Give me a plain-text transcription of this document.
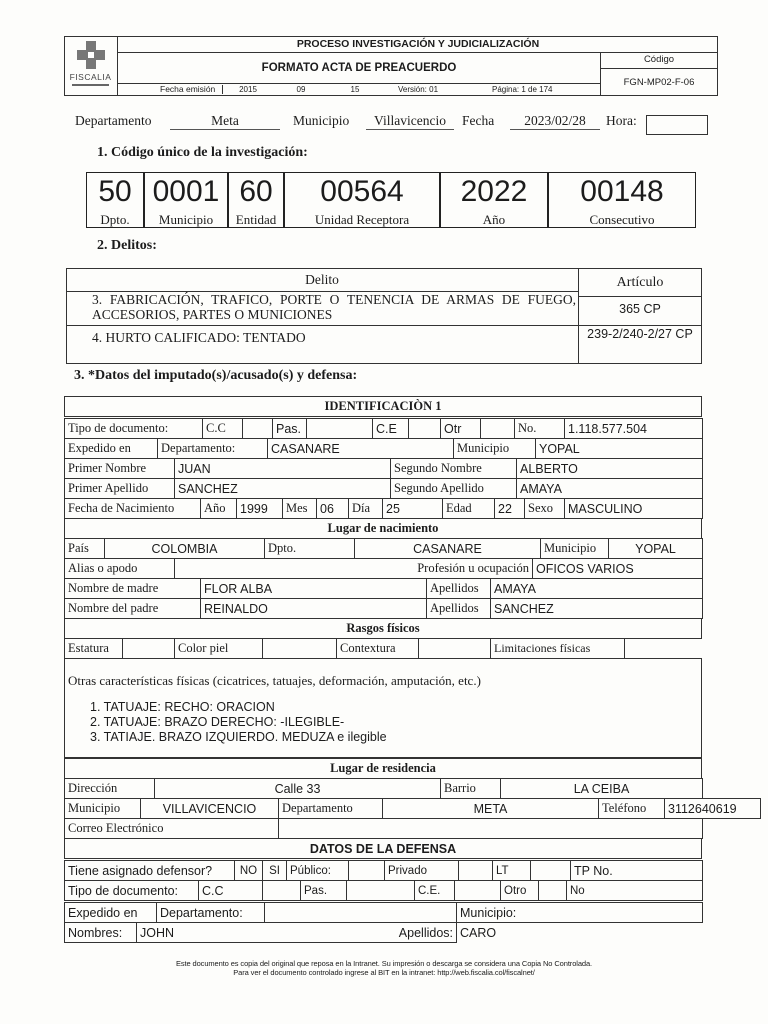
FISCALIA
PROCESO INVESTIGACIÓN Y JUDICIALIZACIÓN
FORMATO ACTA DE PREACUERDO
Código
FGN-MP02-F-06
Fecha emisión	2015	09	15	Versión: 01	Página: 1 de 174
Departamento	Meta	Municipio	Villavicencio	Fecha	2023/02/28	Hora:
1. Código único de la investigación:
50
Dpto.
0001
Municipio
60
Entidad
00564
Unidad Receptora
2022
Año
00148
Consecutivo
2. Delitos:
Delito	Artículo
3. FABRICACIÓN, TRAFICO, PORTE O TENENCIA DE ARMAS DE FUEGO, ACCESORIOS, PARTES O MUNICIONES	365 CP
4. HURTO CALIFICADO: TENTADO	239-2/240-2/27 CP
3. *Datos del imputado(s)/acusado(s) y defensa:
IDENTIFICACIÒN 1
Tipo de documento:	C.C		Pas.		C.E		Otr		No.	1.118.577.504
Expedido en	Departamento:	CASANARE	Municipio	YOPAL
Primer Nombre	JUAN	Segundo Nombre	ALBERTO
Primer Apellido	SANCHEZ	Segundo Apellido	AMAYA
Fecha de Nacimiento	Año	1999	Mes	06	Día	25	Edad	22	Sexo	MASCULINO
Lugar de nacimiento
País	COLOMBIA	Dpto.	CASANARE	Municipio	YOPAL
Alias o apodo		Profesión u ocupación	OFICOS VARIOS
Nombre de madre	FLOR ALBA	Apellidos	AMAYA
Nombre del padre	REINALDO	Apellidos	SANCHEZ
Rasgos físicos
Estatura		Color piel		Contextura		Limitaciones físicas	
Otras características físicas (cicatrices, tatuajes, deformación, amputación, etc.)
1. TATUAJE: RECHO: ORACION
2. TATUAJE: BRAZO DERECHO: -ILEGIBLE-
3. TATIAJE. BRAZO IZQUIERDO. MEDUZA e ilegible
Lugar de residencia
Dirección	Calle 33	Barrio	LA CEIBA
Municipio	VILLAVICENCIO	Departamento	META	Teléfono	3112640619
Correo Electrónico	
DATOS DE LA DEFENSA
Tiene asignado defensor?	NO	SI	Público:		Privado		LT		TP No.
Tipo de documento:	C.C		Pas.		C.E.		Otro		No
Expedido en	Departamento:		Municipio:	
Nombres:	JOHN	Apellidos:	CARO
Este documento es copia del original que reposa en la Intranet. Su impresión o descarga se considera una Copia No Controlada.
Para ver el documento controlado ingrese al BIT en la intranet: http://web.fiscalia.col/fiscalnet/
